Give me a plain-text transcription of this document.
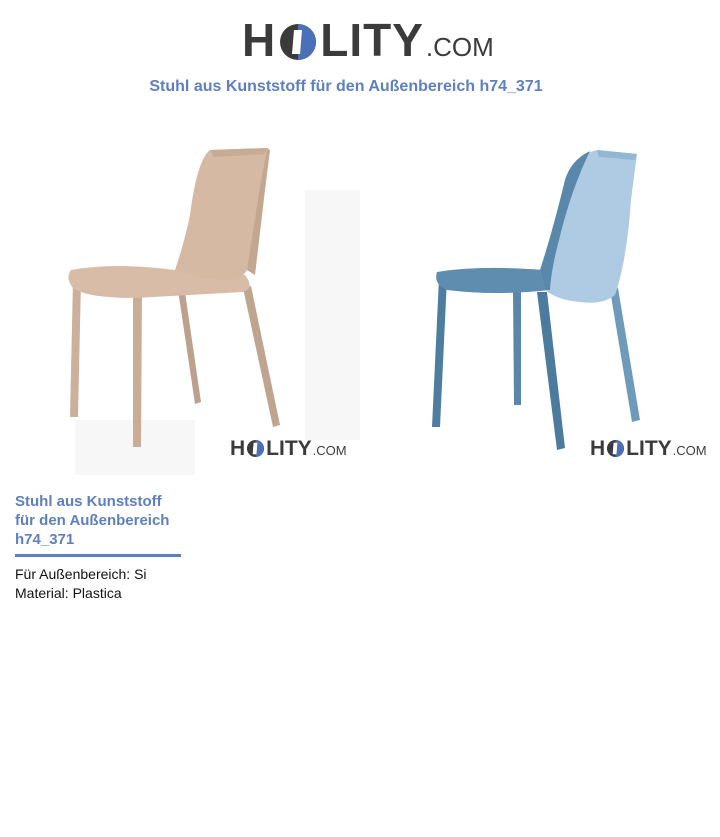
H LITY .COM
Stuhl aus Kunststoff für den Außenbereich h74_371
H LITY .COM	H LITY .COM
Stuhl aus Kunststoff
für den Außenbereich
h74_371
Für Außenbereich: Si
Material: Plastica
